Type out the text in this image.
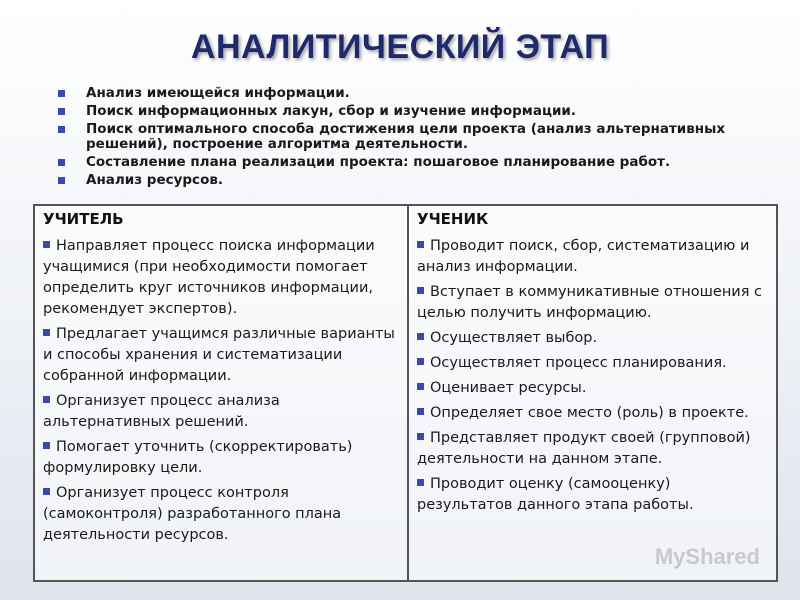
АНАЛИТИЧЕСКИЙ ЭТАП
Анализ имеющейся информации.
Поиск информационных лакун, сбор и изучение информации.
Поиск оптимального способа достижения цели проекта (анализ альтернативных решений), построение алгоритма деятельности.
Составление плана реализации проекта: пошаговое планирование работ.
Анализ ресурсов.
УЧИТЕЛЬ
Направляет процесс поиска информации учащимися (при необходимости помогает определить круг источников информации, рекомендует экспертов).
Предлагает учащимся различные варианты и способы хранения и систематизации собранной информации.
Организует процесс анализа альтернативных решений.
Помогает уточнить (скорректировать) формулировку цели.
Организует процесс контроля (самоконтроля) разработанного плана деятельности ресурсов.
УЧЕНИК
Проводит поиск, сбор, систематизацию и анализ информации.
Вступает в коммуникативные отношения с целью получить информацию.
Осуществляет выбор.
Осуществляет процесс планирования.
Оценивает ресурсы.
Определяет свое место (роль) в проекте.
Представляет продукт своей (групповой) деятельности на данном этапе.
Проводит оценку (самооценку) результатов данного этапа работы.
MyShared
